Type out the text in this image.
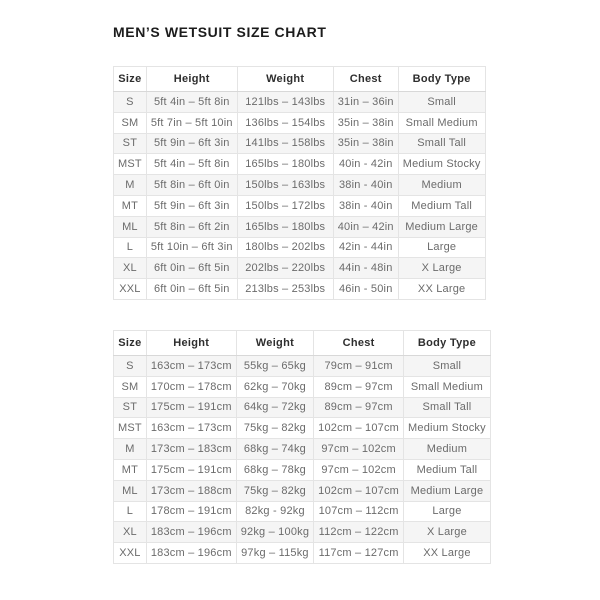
MEN’S WETSUIT SIZE CHART
Size	Height	Weight	Chest	Body Type
S	5ft 4in – 5ft 8in	121lbs – 143lbs	31in – 36in	Small
SM	5ft 7in – 5ft 10in	136lbs – 154lbs	35in – 38in	Small Medium
ST	5ft 9in – 6ft 3in	141lbs – 158lbs	35in – 38in	Small Tall
MST	5ft 4in – 5ft 8in	165lbs – 180lbs	40in - 42in	Medium Stocky
M	5ft 8in – 6ft 0in	150lbs – 163lbs	38in - 40in	Medium
MT	5ft 9in – 6ft 3in	150lbs – 172lbs	38in - 40in	Medium Tall
ML	5ft 8in – 6ft 2in	165lbs – 180lbs	40in – 42in	Medium Large
L	5ft 10in – 6ft 3in	180lbs – 202lbs	42in - 44in	Large
XL	6ft 0in – 6ft 5in	202lbs – 220lbs	44in - 48in	X Large
XXL	6ft 0in – 6ft 5in	213lbs – 253lbs	46in - 50in	XX Large
Size	Height	Weight	Chest	Body Type
S	163cm – 173cm	55kg – 65kg	79cm – 91cm	Small
SM	170cm – 178cm	62kg – 70kg	89cm – 97cm	Small Medium
ST	175cm – 191cm	64kg – 72kg	89cm – 97cm	Small Tall
MST	163cm – 173cm	75kg – 82kg	102cm – 107cm	Medium Stocky
M	173cm – 183cm	68kg – 74kg	97cm – 102cm	Medium
MT	175cm – 191cm	68kg – 78kg	97cm – 102cm	Medium Tall
ML	173cm – 188cm	75kg – 82kg	102cm – 107cm	Medium Large
L	178cm – 191cm	82kg - 92kg	107cm – 112cm	Large
XL	183cm – 196cm	92kg – 100kg	112cm – 122cm	X Large
XXL	183cm – 196cm	97kg – 115kg	117cm – 127cm	XX Large
